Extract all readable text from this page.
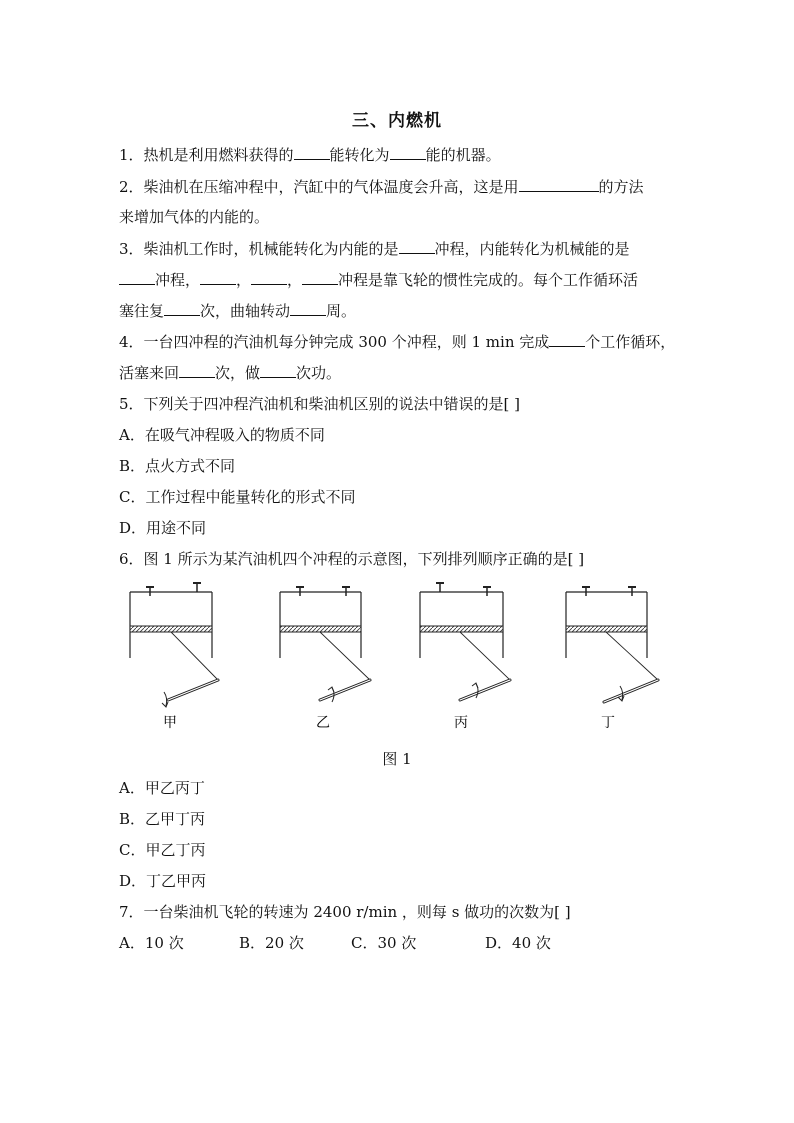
三、内燃机
1．热机是利用燃料获得的 能转化为 能的机器。
2．柴油机在压缩冲程中，汽缸中的气体温度会升高，这是用	的方法
来增加气体的内能的。
3．柴油机工作时，机械能转化为内能的是 冲程，内能转化为机械能的是
冲程， ， ， 冲程是靠飞轮的惯性完成的。每个工作循环活
塞往复 次，曲轴转动 周。
4．一台四冲程的汽油机每分钟完成 300 个冲程，则 1 min 完成 个工作循环，
活塞来回 次，做 次功。
5．下列关于四冲程汽油机和柴油机区别的说法中错误的是[ ]
A．在吸气冲程吸入的物质不同
B．点火方式不同
C．工作过程中能量转化的形式不同
D．用途不同
6．图 1 所示为某汽油机四个冲程的示意图，下列排列顺序正确的是[ ]
甲	乙	丙	丁
图 1
A．甲乙丙丁
B．乙甲丁丙
C．甲乙丁丙
D．丁乙甲丙
7．一台柴油机飞轮的转速为 2400 r/min ，则每 s 做功的次数为[ ]
A．10 次	B．20 次	C．30 次	D．40 次
